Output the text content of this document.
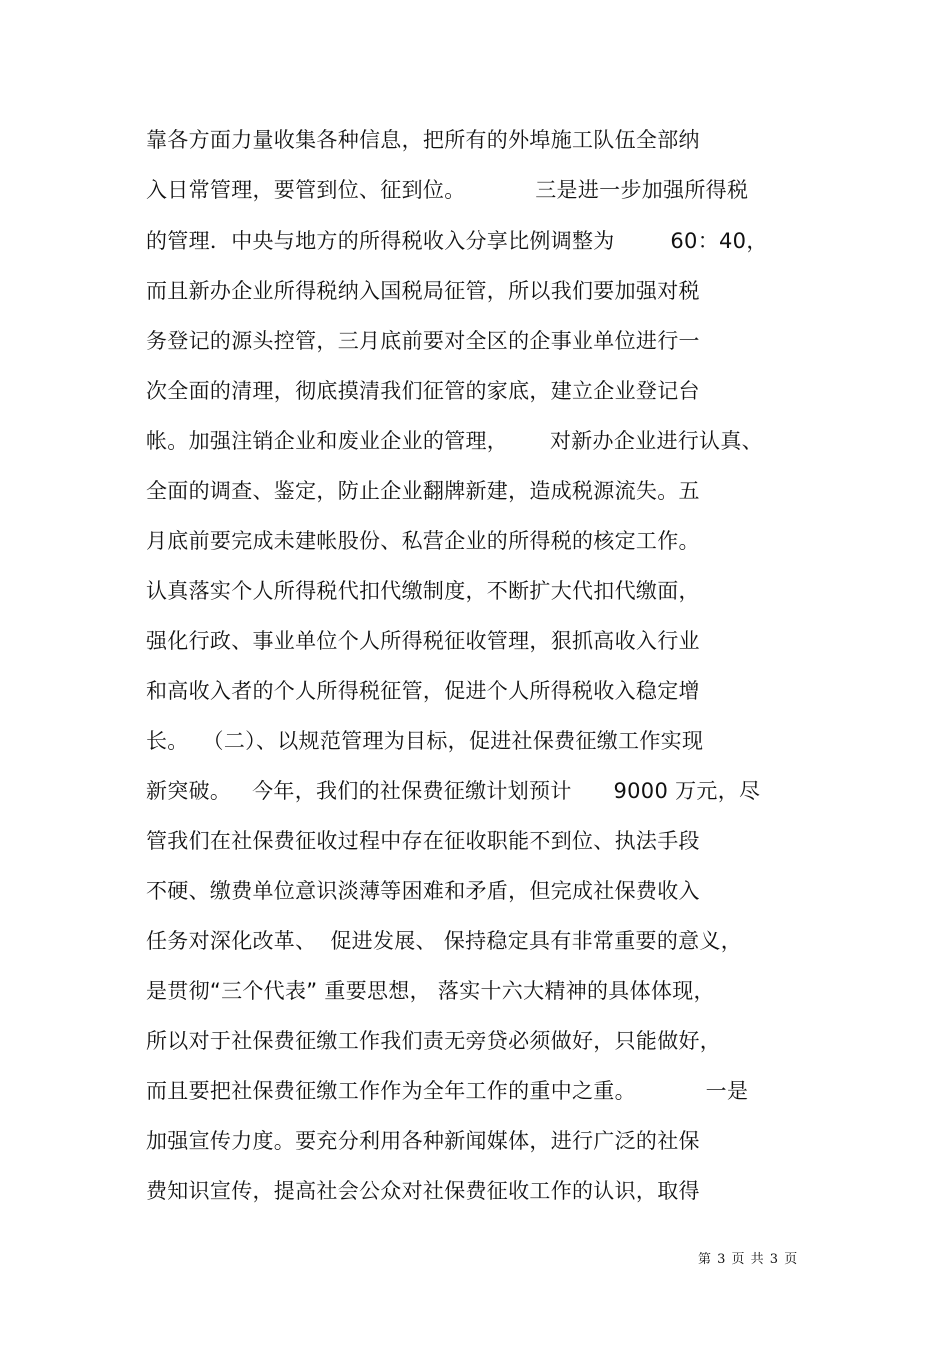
靠各方面力量收集各种信息，把所有的外埠施工队伍全部纳
入日常管理，要管到位、征到位。          三是进一步加强所得税
的管理．中央与地方的所得税收入分享比例调整为        60：40，
而且新办企业所得税纳入国税局征管，所以我们要加强对税
务登记的源头控管，三月底前要对全区的企事业单位进行一
次全面的清理，彻底摸清我们征管的家底，建立企业登记台
帐。加强注销企业和废业企业的管理，      对新办企业进行认真、
全面的调查、鉴定，防止企业翻牌新建，造成税源流失。五
月底前要完成未建帐股份、私营企业的所得税的核定工作。
认真落实个人所得税代扣代缴制度，不断扩大代扣代缴面，
强化行政、事业单位个人所得税征收管理，狠抓高收入行业
和高收入者的个人所得税征管，促进个人所得税收入稳定增
长。  （二）、以规范管理为目标，促进社保费征缴工作实现
新突破。   今年，我们的社保费征缴计划预计      9000 万元，尽
管我们在社保费征收过程中存在征收职能不到位、执法手段
不硬、缴费单位意识淡薄等困难和矛盾，但完成社保费收入
任务对深化改革、  促进发展、 保持稳定具有非常重要的意义，
是贯彻“三个代表” 重要思想， 落实十六大精神的具体体现，
所以对于社保费征缴工作我们责无旁贷必须做好，只能做好，
而且要把社保费征缴工作作为全年工作的重中之重。          一是
加强宣传力度。要充分利用各种新闻媒体，进行广泛的社保
费知识宣传，提高社会公众对社保费征收工作的认识，取得
第 3 页 共 3 页
